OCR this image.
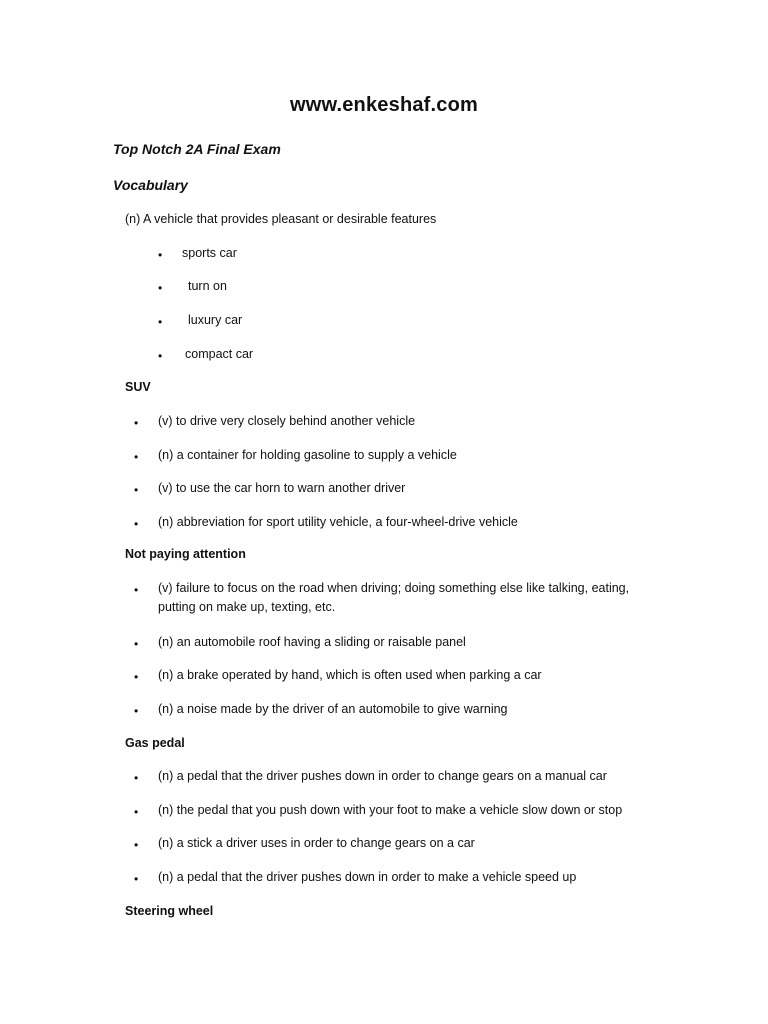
www.enkeshaf.com
Top Notch 2A Final Exam
Vocabulary
(n) A vehicle that provides pleasant or desirable features
• sports car
• turn on
• luxury car
• compact car
SUV
• (v) to drive very closely behind another vehicle
• (n) a container for holding gasoline to supply a vehicle
• (v) to use the car horn to warn another driver
• (n) abbreviation for sport utility vehicle, a four-wheel-drive vehicle
Not paying attention
• (v) failure to focus on the road when driving; doing something else like talking, eating, putting on make up, texting, etc.
• (n) an automobile roof having a sliding or raisable panel
• (n) a brake operated by hand, which is often used when parking a car
• (n) a noise made by the driver of an automobile to give warning
Gas pedal
• (n) a pedal that the driver pushes down in order to change gears on a manual car
• (n) the pedal that you push down with your foot to make a vehicle slow down or stop
• (n) a stick a driver uses in order to change gears on a car
• (n) a pedal that the driver pushes down in order to make a vehicle speed up
Steering wheel
